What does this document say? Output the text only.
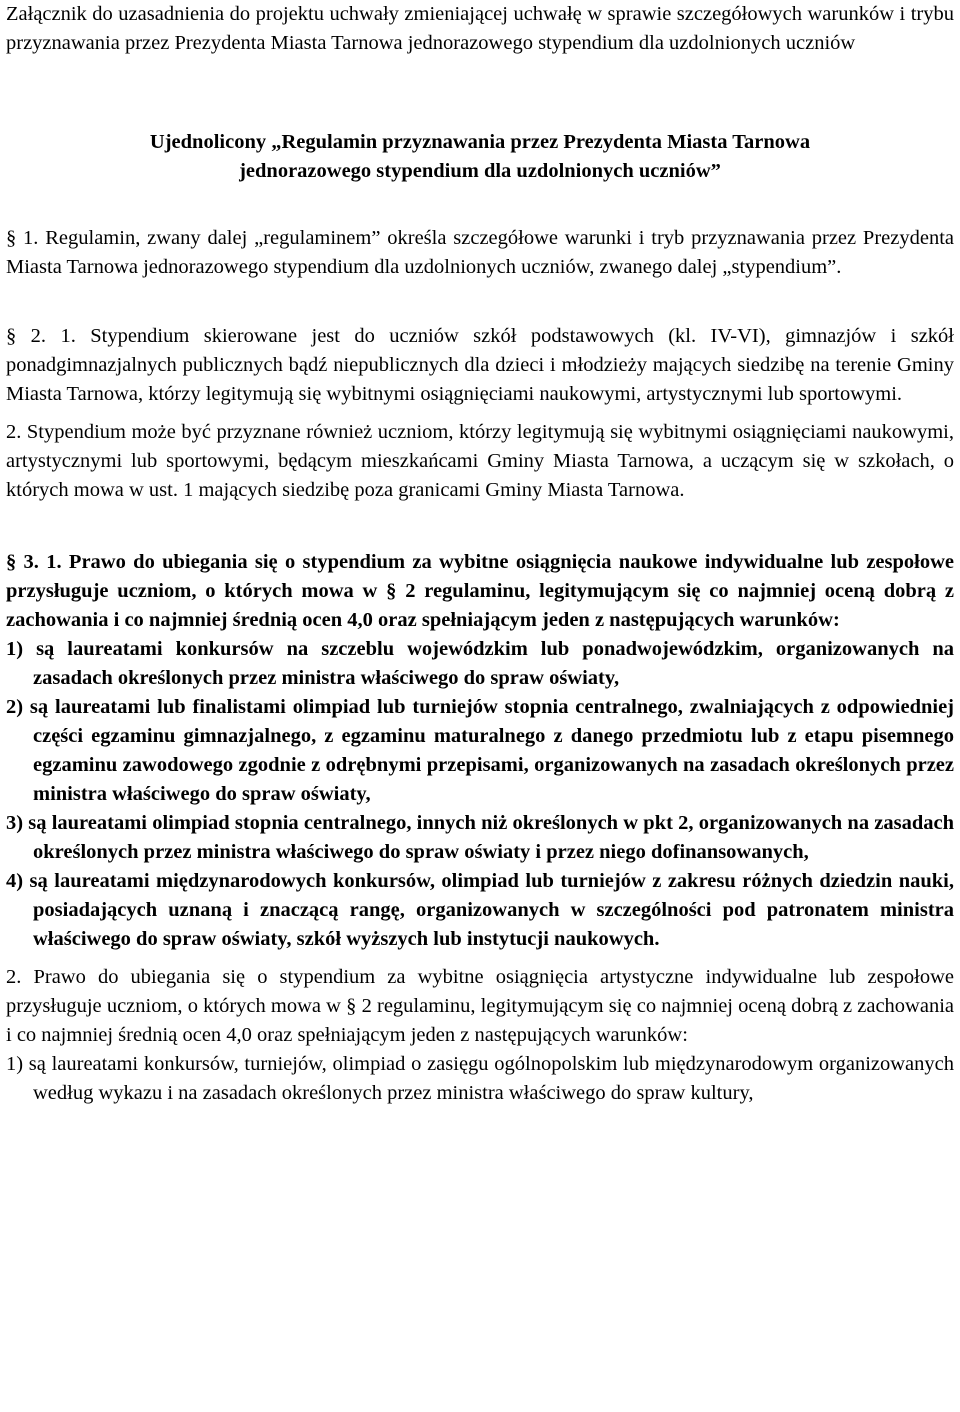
Załącznik do uzasadnienia do projektu uchwały zmieniającej uchwałę w sprawie szczegółowych warunków i trybu przyznawania przez Prezydenta Miasta Tarnowa jednorazowego stypendium dla uzdolnionych uczniów

Ujednolicony „Regulamin przyznawania przez Prezydenta Miasta Tarnowa
jednorazowego stypendium dla uzdolnionych uczniów”

§ 1. Regulamin, zwany dalej „regulaminem” określa szczegółowe warunki i tryb przyznawania przez Prezydenta Miasta Tarnowa jednorazowego stypendium dla uzdolnionych uczniów, zwanego dalej „stypendium”.

§ 2. 1. Stypendium skierowane jest do uczniów szkół podstawowych (kl. IV-VI), gimnazjów i szkół ponadgimnazjalnych publicznych bądź niepublicznych dla dzieci i młodzieży mających siedzibę na terenie Gminy Miasta Tarnowa, którzy legitymują się wybitnymi osiągnięciami naukowymi, artystycznymi lub sportowymi.

2. Stypendium może być przyznane również uczniom, którzy legitymują się wybitnymi osiągnięciami naukowymi, artystycznymi lub sportowymi, będącym mieszkańcami Gminy Miasta Tarnowa, a uczącym się w szkołach, o których mowa w ust. 1 mających siedzibę poza granicami Gminy Miasta Tarnowa.

§ 3. 1. Prawo do ubiegania się o stypendium za wybitne osiągnięcia naukowe indywidualne lub zespołowe przysługuje uczniom, o których mowa w § 2 regulaminu, legitymującym się co najmniej oceną dobrą z zachowania i co najmniej średnią ocen 4,0 oraz spełniającym jeden z następujących warunków:

1) są laureatami konkursów na szczeblu wojewódzkim lub ponadwojewódzkim, organizowanych na zasadach określonych przez ministra właściwego do spraw oświaty,

2) są laureatami lub finalistami olimpiad lub turniejów stopnia centralnego, zwalniających z odpowiedniej części egzaminu gimnazjalnego, z egzaminu maturalnego z danego przedmiotu lub z etapu pisemnego egzaminu zawodowego zgodnie z odrębnymi przepisami, organizowanych na zasadach określonych przez ministra właściwego do spraw oświaty,

3) są laureatami olimpiad stopnia centralnego, innych niż określonych w pkt 2, organizowanych na zasadach określonych przez ministra właściwego do spraw oświaty i przez niego dofinansowanych,

4) są laureatami międzynarodowych konkursów, olimpiad lub turniejów z zakresu różnych dziedzin nauki, posiadających uznaną i znaczącą rangę, organizowanych w szczególności pod patronatem ministra właściwego do spraw oświaty, szkół wyższych lub instytucji naukowych.

2. Prawo do ubiegania się o stypendium za wybitne osiągnięcia artystyczne indywidualne lub zespołowe przysługuje uczniom, o których mowa w § 2 regulaminu, legitymującym się co najmniej oceną dobrą z zachowania i co najmniej średnią ocen 4,0 oraz spełniającym jeden z następujących warunków:

1) są laureatami konkursów, turniejów, olimpiad o zasięgu ogólnopolskim lub międzynarodowym organizowanych według wykazu i na zasadach określonych przez ministra właściwego do spraw kultury,
